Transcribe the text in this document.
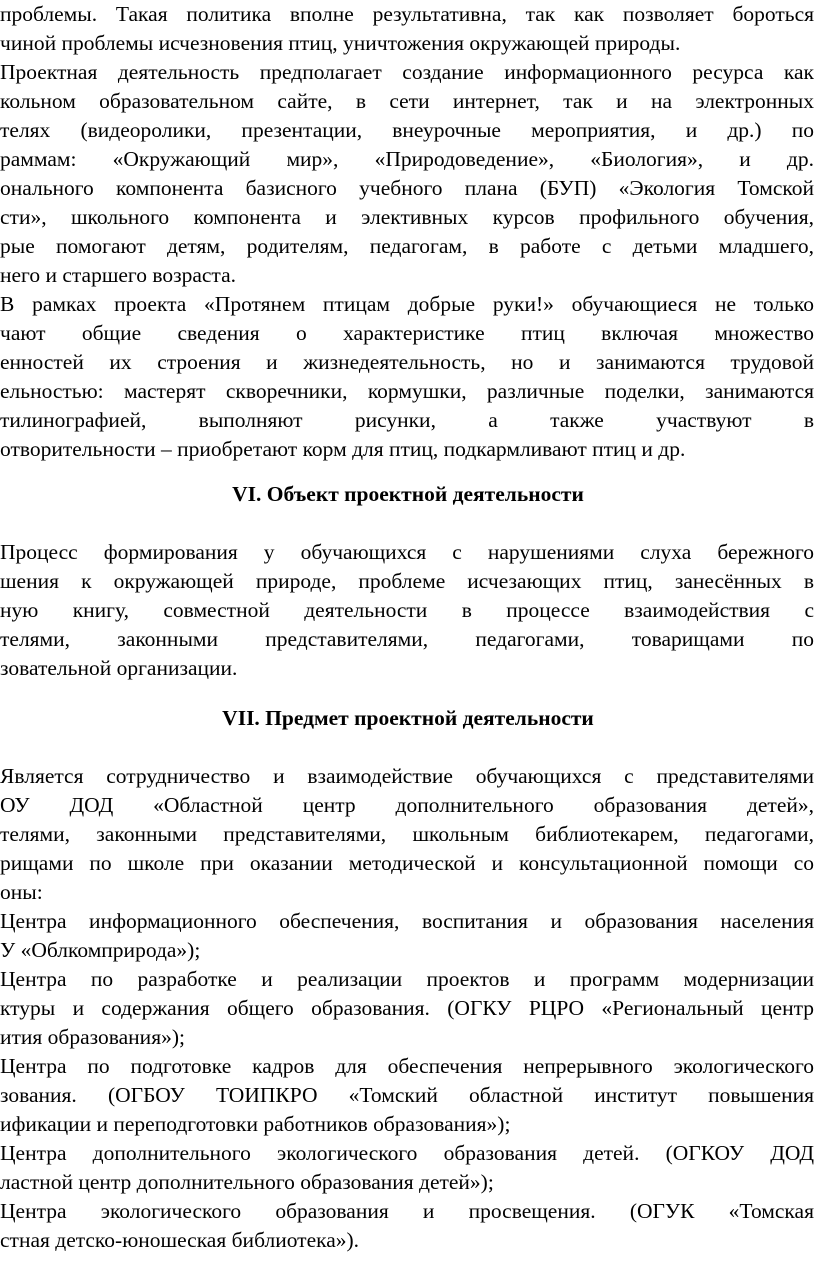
проблемы. Такая политика вполне результативна, так как позволяет бороться
чиной проблемы исчезновения птиц, уничтожения окружающей природы.
Проектная деятельность предполагает создание информационного ресурса как
кольном образовательном сайте, в сети интернет, так и на электронных
телях (видеоролики, презентации, внеурочные мероприятия, и др.) по
раммам: «Окружающий мир», «Природоведение», «Биология», и др.
онального компонента базисного учебного плана (БУП) «Экология Томской
сти», школьного компонента и элективных курсов профильного обучения,
рые помогают детям, родителям, педагогам, в работе с детьми младшего,
него и старшего возраста.
В рамках проекта «Протянем птицам добрые руки!» обучающиеся не только
чают общие сведения о характеристике птиц включая множество
енностей их строения и жизнедеятельность, но и занимаются трудовой
ельностью: мастерят скворечники, кормушки, различные поделки, занимаются
тилинографией, выполняют рисунки, а также участвуют в
отворительности – приобретают корм для птиц, подкармливают птиц и др.
VI. Объект проектной деятельности
Процесс формирования у обучающихся с нарушениями слуха бережного
шения к окружающей природе, проблеме исчезающих птиц, занесённых в
ную книгу, совместной деятельности в процессе взаимодействия с
телями, законными представителями, педагогами, товарищами по
зовательной организации.
VII. Предмет проектной деятельности
Является сотрудничество и взаимодействие обучающихся с представителями
ОУ ДОД «Областной центр дополнительного образования детей»,
телями, законными представителями, школьным библиотекарем, педагогами,
рищами по школе при оказании методической и консультационной помощи со
оны:
Центра информационного обеспечения, воспитания и образования населения
У «Облкомприрода»);
Центра по разработке и реализации проектов и программ модернизации
ктуры и содержания общего образования. (ОГКУ РЦРО «Региональный центр
ития образования»);
Центра по подготовке кадров для обеспечения непрерывного экологического
зования. (ОГБОУ ТОИПКРО «Томский областной институт повышения
ификации и переподготовки работников образования»);
Центра дополнительного экологического образования детей. (ОГКОУ ДОД
ластной центр дополнительного образования детей»);
Центра экологического образования и просвещения. (ОГУК «Томская
стная детско-юношеская библиотека»).
